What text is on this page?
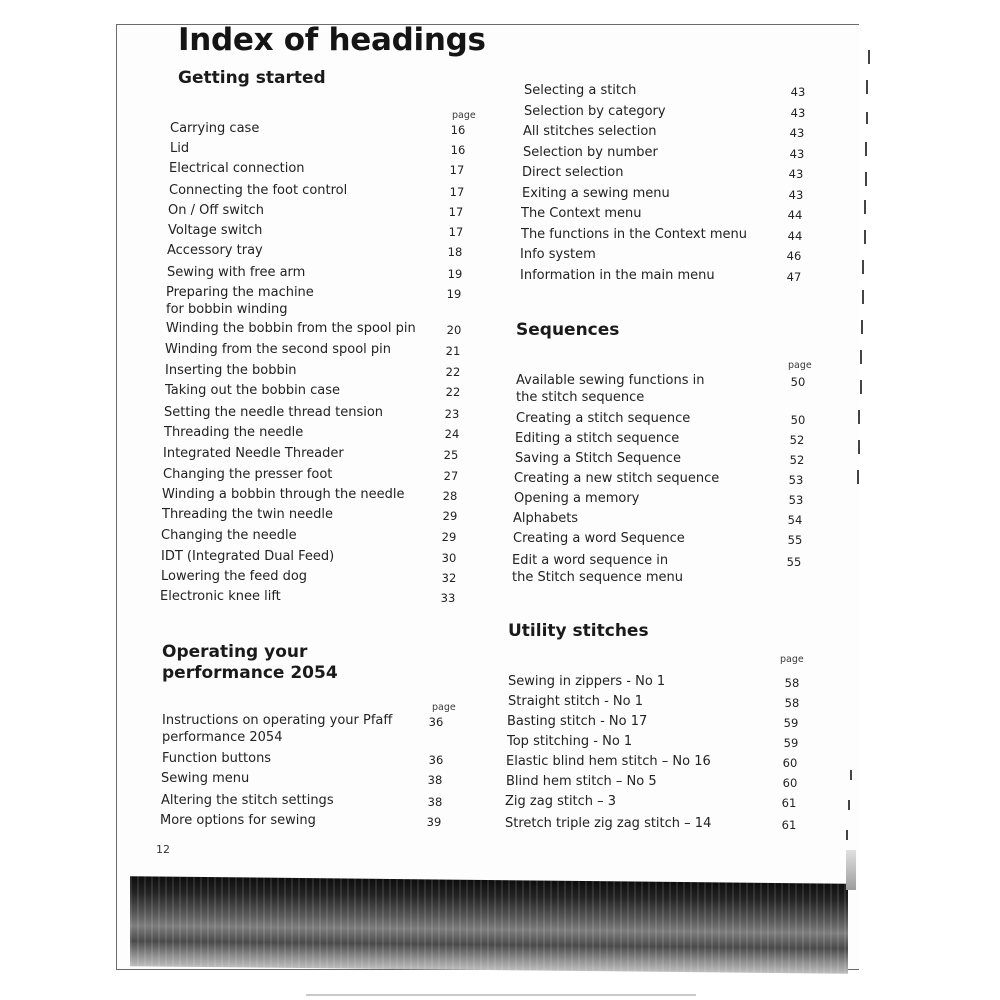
Index of headings
Getting started
page
Carrying case	16
Lid	16
Electrical connection	17
Connecting the foot control	17
On / Off switch	17
Voltage switch	17
Accessory tray	18
Sewing with free arm	19
Preparing the machine
for bobbin winding
19
Winding the bobbin from the spool pin	20
Winding from the second spool pin	21
Inserting the bobbin	22
Taking out the bobbin case	22
Setting the needle thread tension	23
Threading the needle	24
Integrated Needle Threader	25
Changing the presser foot	27
Winding a bobbin through the needle	28
Threading the twin needle	29
Changing the needle	29
IDT (Integrated Dual Feed)	30
Lowering the feed dog	32
Electronic knee lift	33
Operating your
performance 2054
page
Instructions on operating your Pfaff
performance 2054
36
Function buttons	36
Sewing menu	38
Altering the stitch settings	38
More options for sewing	39
Selecting a stitch	43
Selection by category	43
All stitches selection	43
Selection by number	43
Direct selection	43
Exiting a sewing menu	43
The Context menu	44
The functions in the Context menu	44
Info system	46
Information in the main menu	47
Sequences
page
Available sewing functions in
the stitch sequence
50
Creating a stitch sequence	50
Editing a stitch sequence	52
Saving a Stitch Sequence	52
Creating a new stitch sequence	53
Opening a memory	53
Alphabets	54
Creating a word Sequence	55
Edit a word sequence in
the Stitch sequence menu
55
Utility stitches
page
Sewing in zippers - No 1	58
Straight stitch - No 1	58
Basting stitch - No 17	59
Top stitching - No 1	59
Elastic blind hem stitch – No 16	60
Blind hem stitch – No 5	60
Zig zag stitch – 3	61
Stretch triple zig zag stitch – 14	61
12
